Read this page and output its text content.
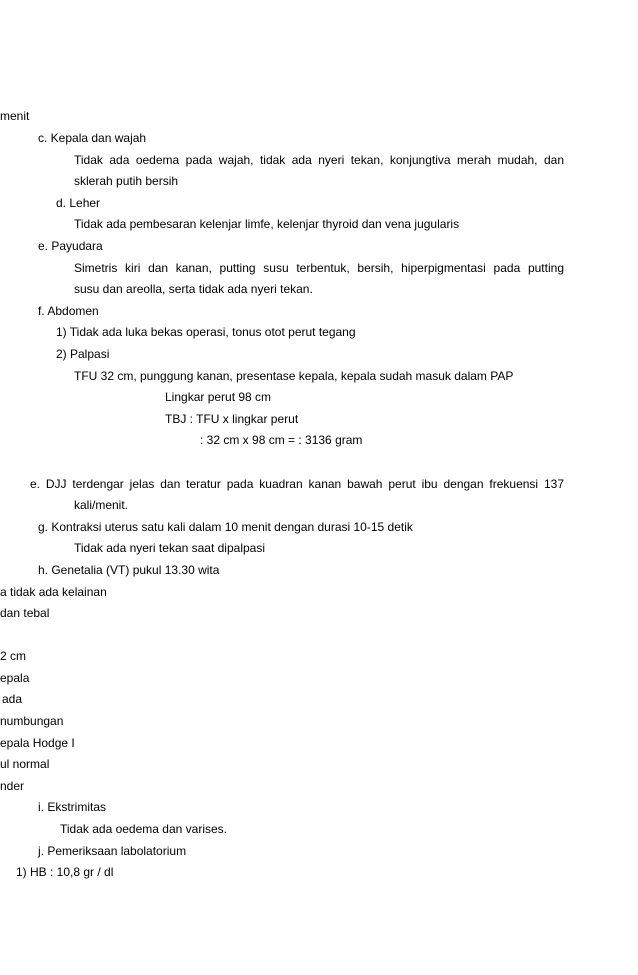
menit
c. Kepala dan wajah
Tidak ada oedema pada wajah, tidak ada nyeri tekan, konjungtiva merah mudah, dan
sklerah putih bersih
d. Leher
Tidak ada pembesaran kelenjar limfe, kelenjar thyroid dan vena jugularis
e. Payudara
Simetris kiri dan kanan, putting susu terbentuk, bersih, hiperpigmentasi pada putting
susu dan areolla, serta tidak ada nyeri tekan.
f. Abdomen
1) Tidak ada luka bekas operasi, tonus otot perut tegang
2) Palpasi
TFU 32 cm, punggung kanan, presentase kepala, kepala sudah masuk dalam PAP
Lingkar perut 98 cm
TBJ : TFU x lingkar perut
: 32 cm x 98 cm = : 3136 gram
e. DJJ terdengar jelas dan teratur pada kuadran kanan bawah perut ibu dengan frekuensi 137
kali/menit.
g. Kontraksi uterus satu kali dalam 10 menit dengan durasi 10-15 detik
Tidak ada nyeri tekan saat dipalpasi
h. Genetalia (VT) pukul 13.30 wita
a tidak ada kelainan
dan tebal
2 cm
epala
ada
numbungan
epala Hodge I
ul normal
nder
i. Ekstrimitas
Tidak ada oedema dan varises.
j. Pemeriksaan labolatorium
1) HB : 10,8 gr / dl
